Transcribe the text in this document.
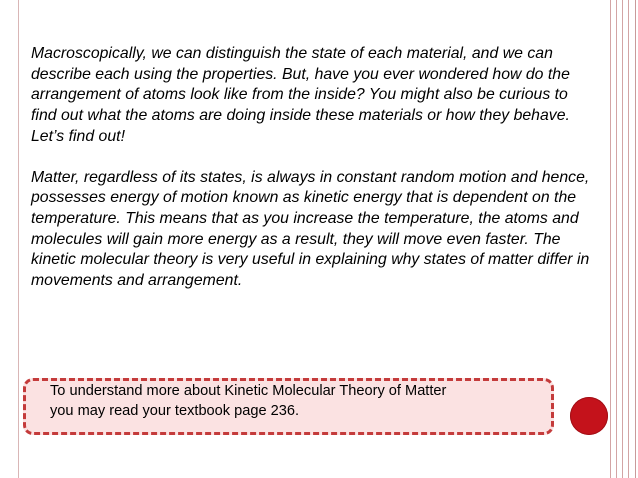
Macroscopically, we can distinguish the state of each material, and we can describe each using the properties. But, have you ever wondered how do the arrangement of atoms look like from the inside? You might also be curious to find out what the atoms are doing inside these materials or how they behave. Let’s find out!

Matter, regardless of its states, is always in constant random motion and hence, possesses energy of motion known as kinetic energy that is dependent on the temperature. This means that as you increase the temperature, the atoms and molecules will gain more energy as a result, they will move even faster. The kinetic molecular theory is very useful in explaining why states of matter differ in movements and arrangement.

To understand more about Kinetic Molecular Theory of Matter
you may read your textbook page 236.
